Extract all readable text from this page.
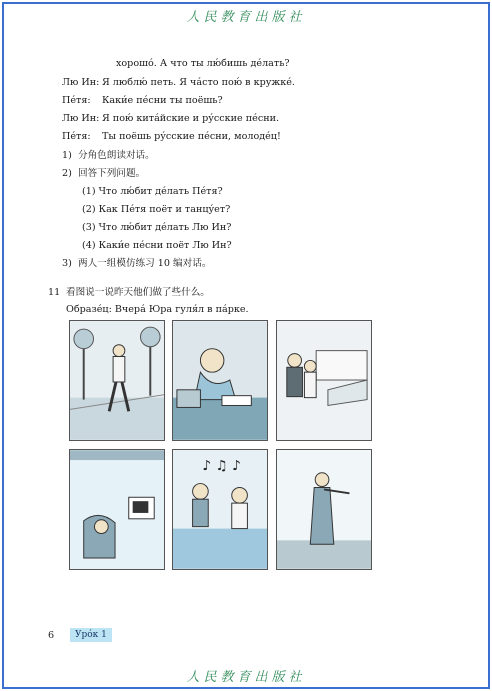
人民教育出版社
хорошо́. А что ты лю́бишь де́лать?
Лю Ин: Я люблю́ петь. Я ча́сто пою́ в кружке́.
Пе́тя: Каки́е пе́сни ты поёшь?
Лю Ин: Я пою́ кита́йские и ру́сские пе́сни.
Пе́тя: Ты поёшь ру́сские пе́сни, молоде́ц!
1) 分角色朗读对话。
2) 回答下列问题。
(1) Что лю́бит де́лать Пе́тя?
(2) Как Пе́тя поёт и танцу́ет?
(3) Что лю́бит де́лать Лю Ин?
(4) Каки́е пе́сни поёт Лю Ин?
3) 两人一组模仿练习 10 编对话。
11 看图说一说昨天他们做了些什么。
Образе́ц: Вчера́ Юра гуля́л в па́рке.
♪ ♫ ♪
6	Уро́к 1
人民教育出版社
